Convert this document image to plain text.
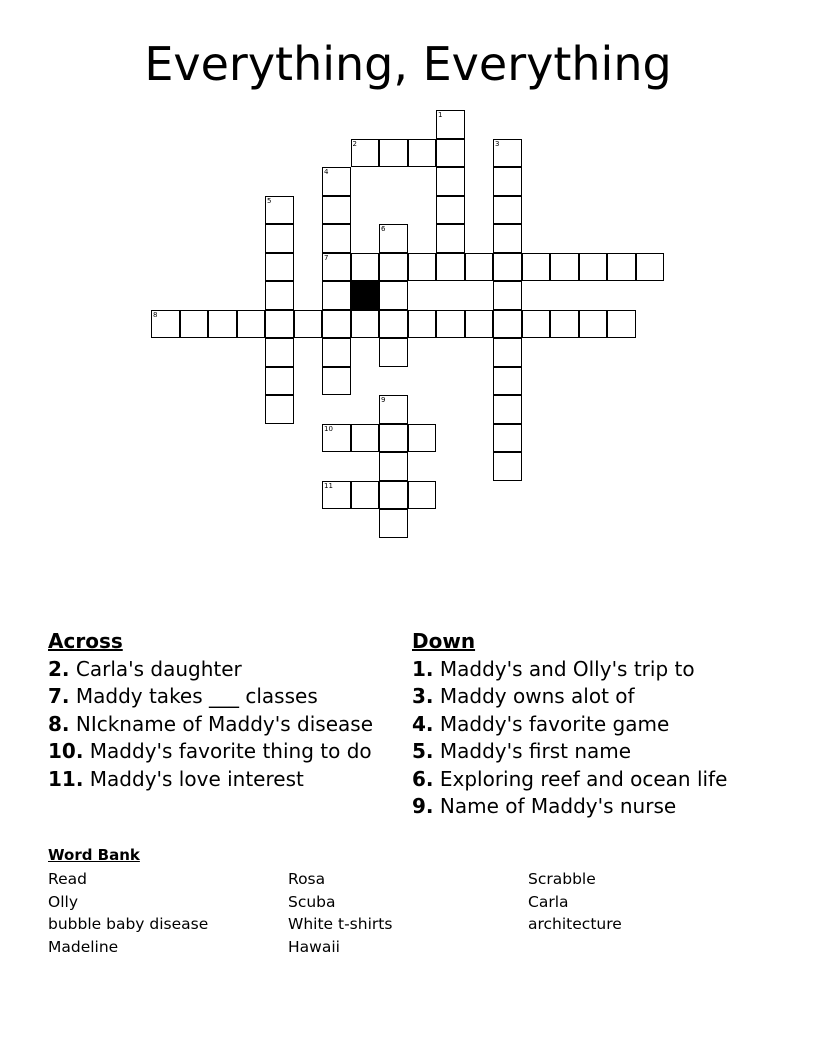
Everything, Everything
1
2	3
4
5
6
7
8
9
10
11
Across
2. Carla's daughter
7. Maddy takes ___ classes
8. NIckname of Maddy's disease
10. Maddy's favorite thing to do
11. Maddy's love interest
Down
1. Maddy's and Olly's trip to
3. Maddy owns alot of
4. Maddy's favorite game
5. Maddy's first name
6. Exploring reef and ocean life
9. Name of Maddy's nurse
Word Bank
Read
Olly
bubble baby disease
Madeline
Rosa
Scuba
White t-shirts
Hawaii
Scrabble
Carla
architecture
